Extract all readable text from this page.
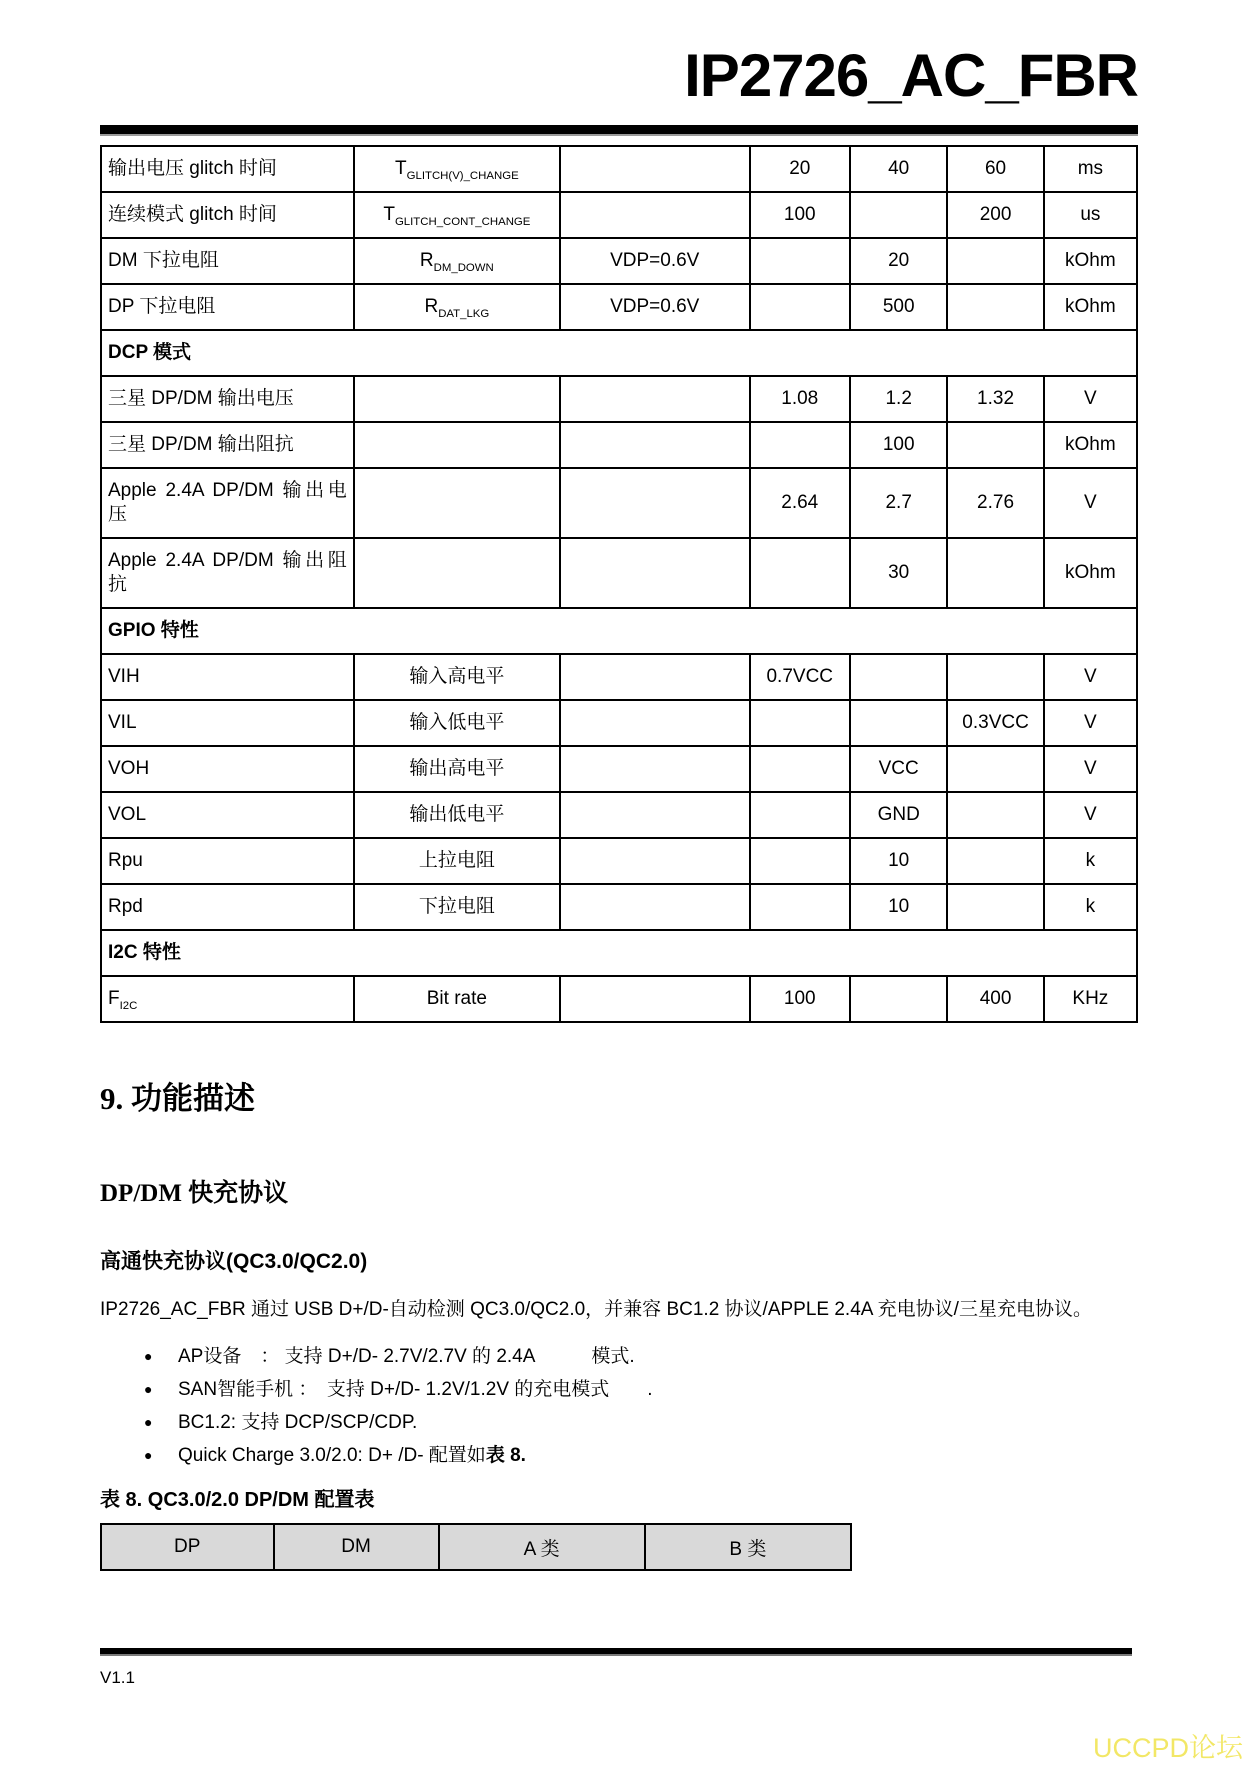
IP2726_AC_FBR
输出电压 glitch 时间	$T_{GLITCH(V)\_CHANGE}$		20	40	60	ms
连续模式 glitch 时间	$T_{GLITCH\_CONT\_CHANGE}$		100		200	us
DM 下拉电阻	$R_{DM\_DOWN}$	VDP=0.6V		20		kOhm
DP 下拉电阻	$R_{DAT\_LKG}$	VDP=0.6V		500		kOhm
DCP 模式						
三星 DP/DM 输出电压			1.08	1.2	1.32	V
三星 DP/DM 输出阻抗				100		kOhm
Apple 2.4A DP/DM 输出电压			2.64	2.7	2.76	V
Apple 2.4A DP/DM 输出阻抗				30		kOhm
GPIO 特性						
VIH	输入高电平		0.7VCC			V
VIL	输入低电平				0.3VCC	V
VOH	输出高电平			VCC		V
VOL	输出低电平			GND		V
Rpu	上拉电阻			10		k
Rpd	下拉电阻			10		k
I2C 特性						
$F_{I2C}$	Bit rate		100		400	KHz
9. 功能描述
DP/DM 快充协议
高通快充协议(QC3.0/QC2.0)

IP2726_AC_FBR 通过 USB D+/D-自动检测 QC3.0/QC2.0，并兼容 BC1.2 协议/APPLE 2.4A 充电协议/三星充电协议。

● AP设备　： 支持 D+/D- 2.7V/2.7V 的 2.4A　　　模式.
● SAN智能手机 ：　支持 D+/D- 1.2V/1.2V 的充电模式　　.
● BC1.2: 支持 DCP/SCP/CDP.
● Quick Charge 3.0/2.0: D+ /D- 配置如表 8.

表 8. QC3.0/2.0 DP/DM 配置表

DP	DM	A 类	B 类
V1.1
UCCPD论坛
